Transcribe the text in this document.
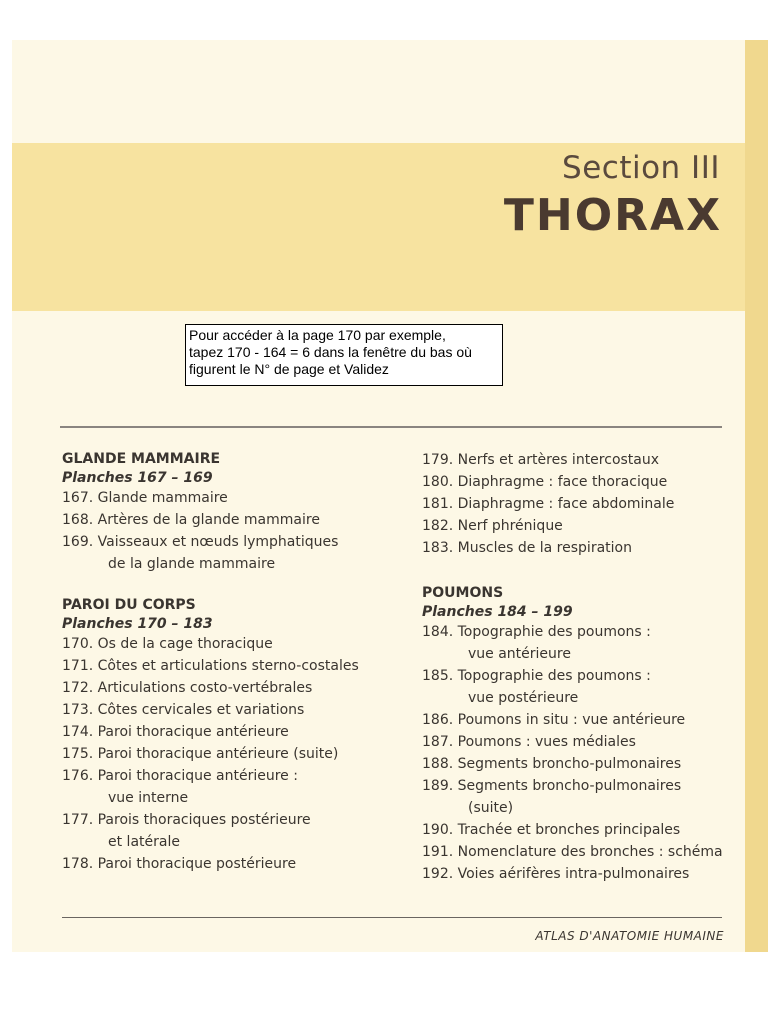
Section III
THORAX
Pour accéder à la page 170 par exemple,
tapez 170 - 164 = 6 dans la fenêtre du bas où
figurent le N° de page et Validez
GLANDE MAMMAIRE
Planches 167 – 169
167. Glande mammaire
168. Artères de la glande mammaire
169. Vaisseaux et nœuds lymphatiques
de la glande mammaire
PAROI DU CORPS
Planches 170 – 183
170. Os de la cage thoracique
171. Côtes et articulations sterno-costales
172. Articulations costo-vertébrales
173. Côtes cervicales et variations
174. Paroi thoracique antérieure
175. Paroi thoracique antérieure (suite)
176. Paroi thoracique antérieure :
vue interne
177. Parois thoraciques postérieure
et latérale
178. Paroi thoracique postérieure
179. Nerfs et artères intercostaux
180. Diaphragme : face thoracique
181. Diaphragme : face abdominale
182. Nerf phrénique
183. Muscles de la respiration
POUMONS
Planches 184 – 199
184. Topographie des poumons :
vue antérieure
185. Topographie des poumons :
vue postérieure
186. Poumons in situ : vue antérieure
187. Poumons : vues médiales
188. Segments broncho-pulmonaires
189. Segments broncho-pulmonaires
(suite)
190. Trachée et bronches principales
191. Nomenclature des bronches : schéma
192. Voies aérifères intra-pulmonaires
ATLAS D'ANATOMIE HUMAINE
